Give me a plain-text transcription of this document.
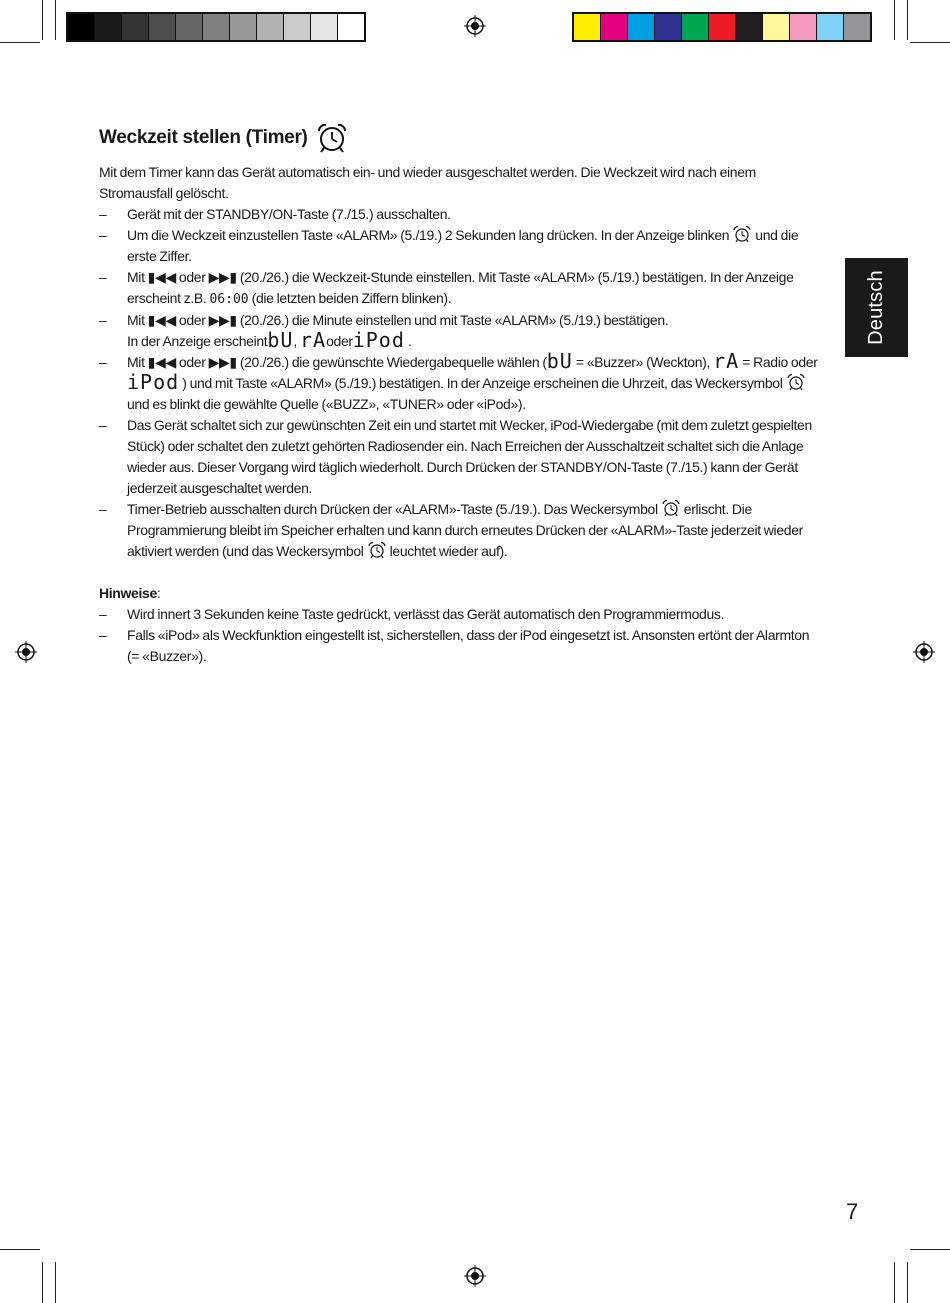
Weckzeit stellen (Timer)

Mit dem Timer kann das Gerät automatisch ein- und wieder ausgeschaltet werden. Die Weckzeit wird nach einem Stromausfall gelöscht.

– Gerät mit der STANDBY/ON-Taste (7./15.) ausschalten.
– Um die Weckzeit einzustellen Taste «ALARM» (5./19.) 2 Sekunden lang drücken. In der Anzeige blinken und die erste Ziffer.
– Mit ▮◀◀ oder ▶▶▮ (20./26.) die Weckzeit-Stunde einstellen. Mit Taste «ALARM» (5./19.) bestätigen. In der Anzeige erscheint z.B. 06:00 (die letzten beiden Ziffern blinken).
– Mit ▮◀◀ oder ▶▶▮ (20./26.) die Minute einstellen und mit Taste «ALARM» (5./19.) bestätigen.
In der Anzeige erscheintbU, rAoderiPod .
– Mit ▮◀◀ oder ▶▶▮ (20./26.) die gewünschte Wiedergabequelle wählen (bU = «Buzzer» (Weckton), rA = Radio oder iPod ) und mit Taste «ALARM» (5./19.) bestätigen. In der Anzeige erscheinen die Uhrzeit, das Weckersymbol  und es blinkt die gewählte Quelle («BUZZ», «TUNER» oder «iPod»).
– Das Gerät schaltet sich zur gewünschten Zeit ein und startet mit Wecker, iPod-Wiedergabe (mit dem zuletzt gespielten Stück) oder schaltet den zuletzt gehörten Radiosender ein. Nach Erreichen der Ausschaltzeit schaltet sich die Anlage wieder aus. Dieser Vorgang wird täglich wiederholt. Durch Drücken der STANDBY/ON-Taste (7./15.) kann der Gerät jederzeit ausgeschaltet werden.
– Timer-Betrieb ausschalten durch Drücken der «ALARM»-Taste (5./19.). Das Weckersymbol erlischt. Die Programmierung bleibt im Speicher erhalten und kann durch erneutes Drücken der «ALARM»-Taste jederzeit wieder aktiviert werden (und das Weckersymbol leuchtet wieder auf).

Hinweise:

– Wird innert 3 Sekunden keine Taste gedrückt, verlässt das Gerät automatisch den Programmiermodus.
– Falls «iPod» als Weckfunktion eingestellt ist, sicherstellen, dass der iPod eingesetzt ist. Ansonsten ertönt der Alarmton (= «Buzzer»).
Deutsch
7
